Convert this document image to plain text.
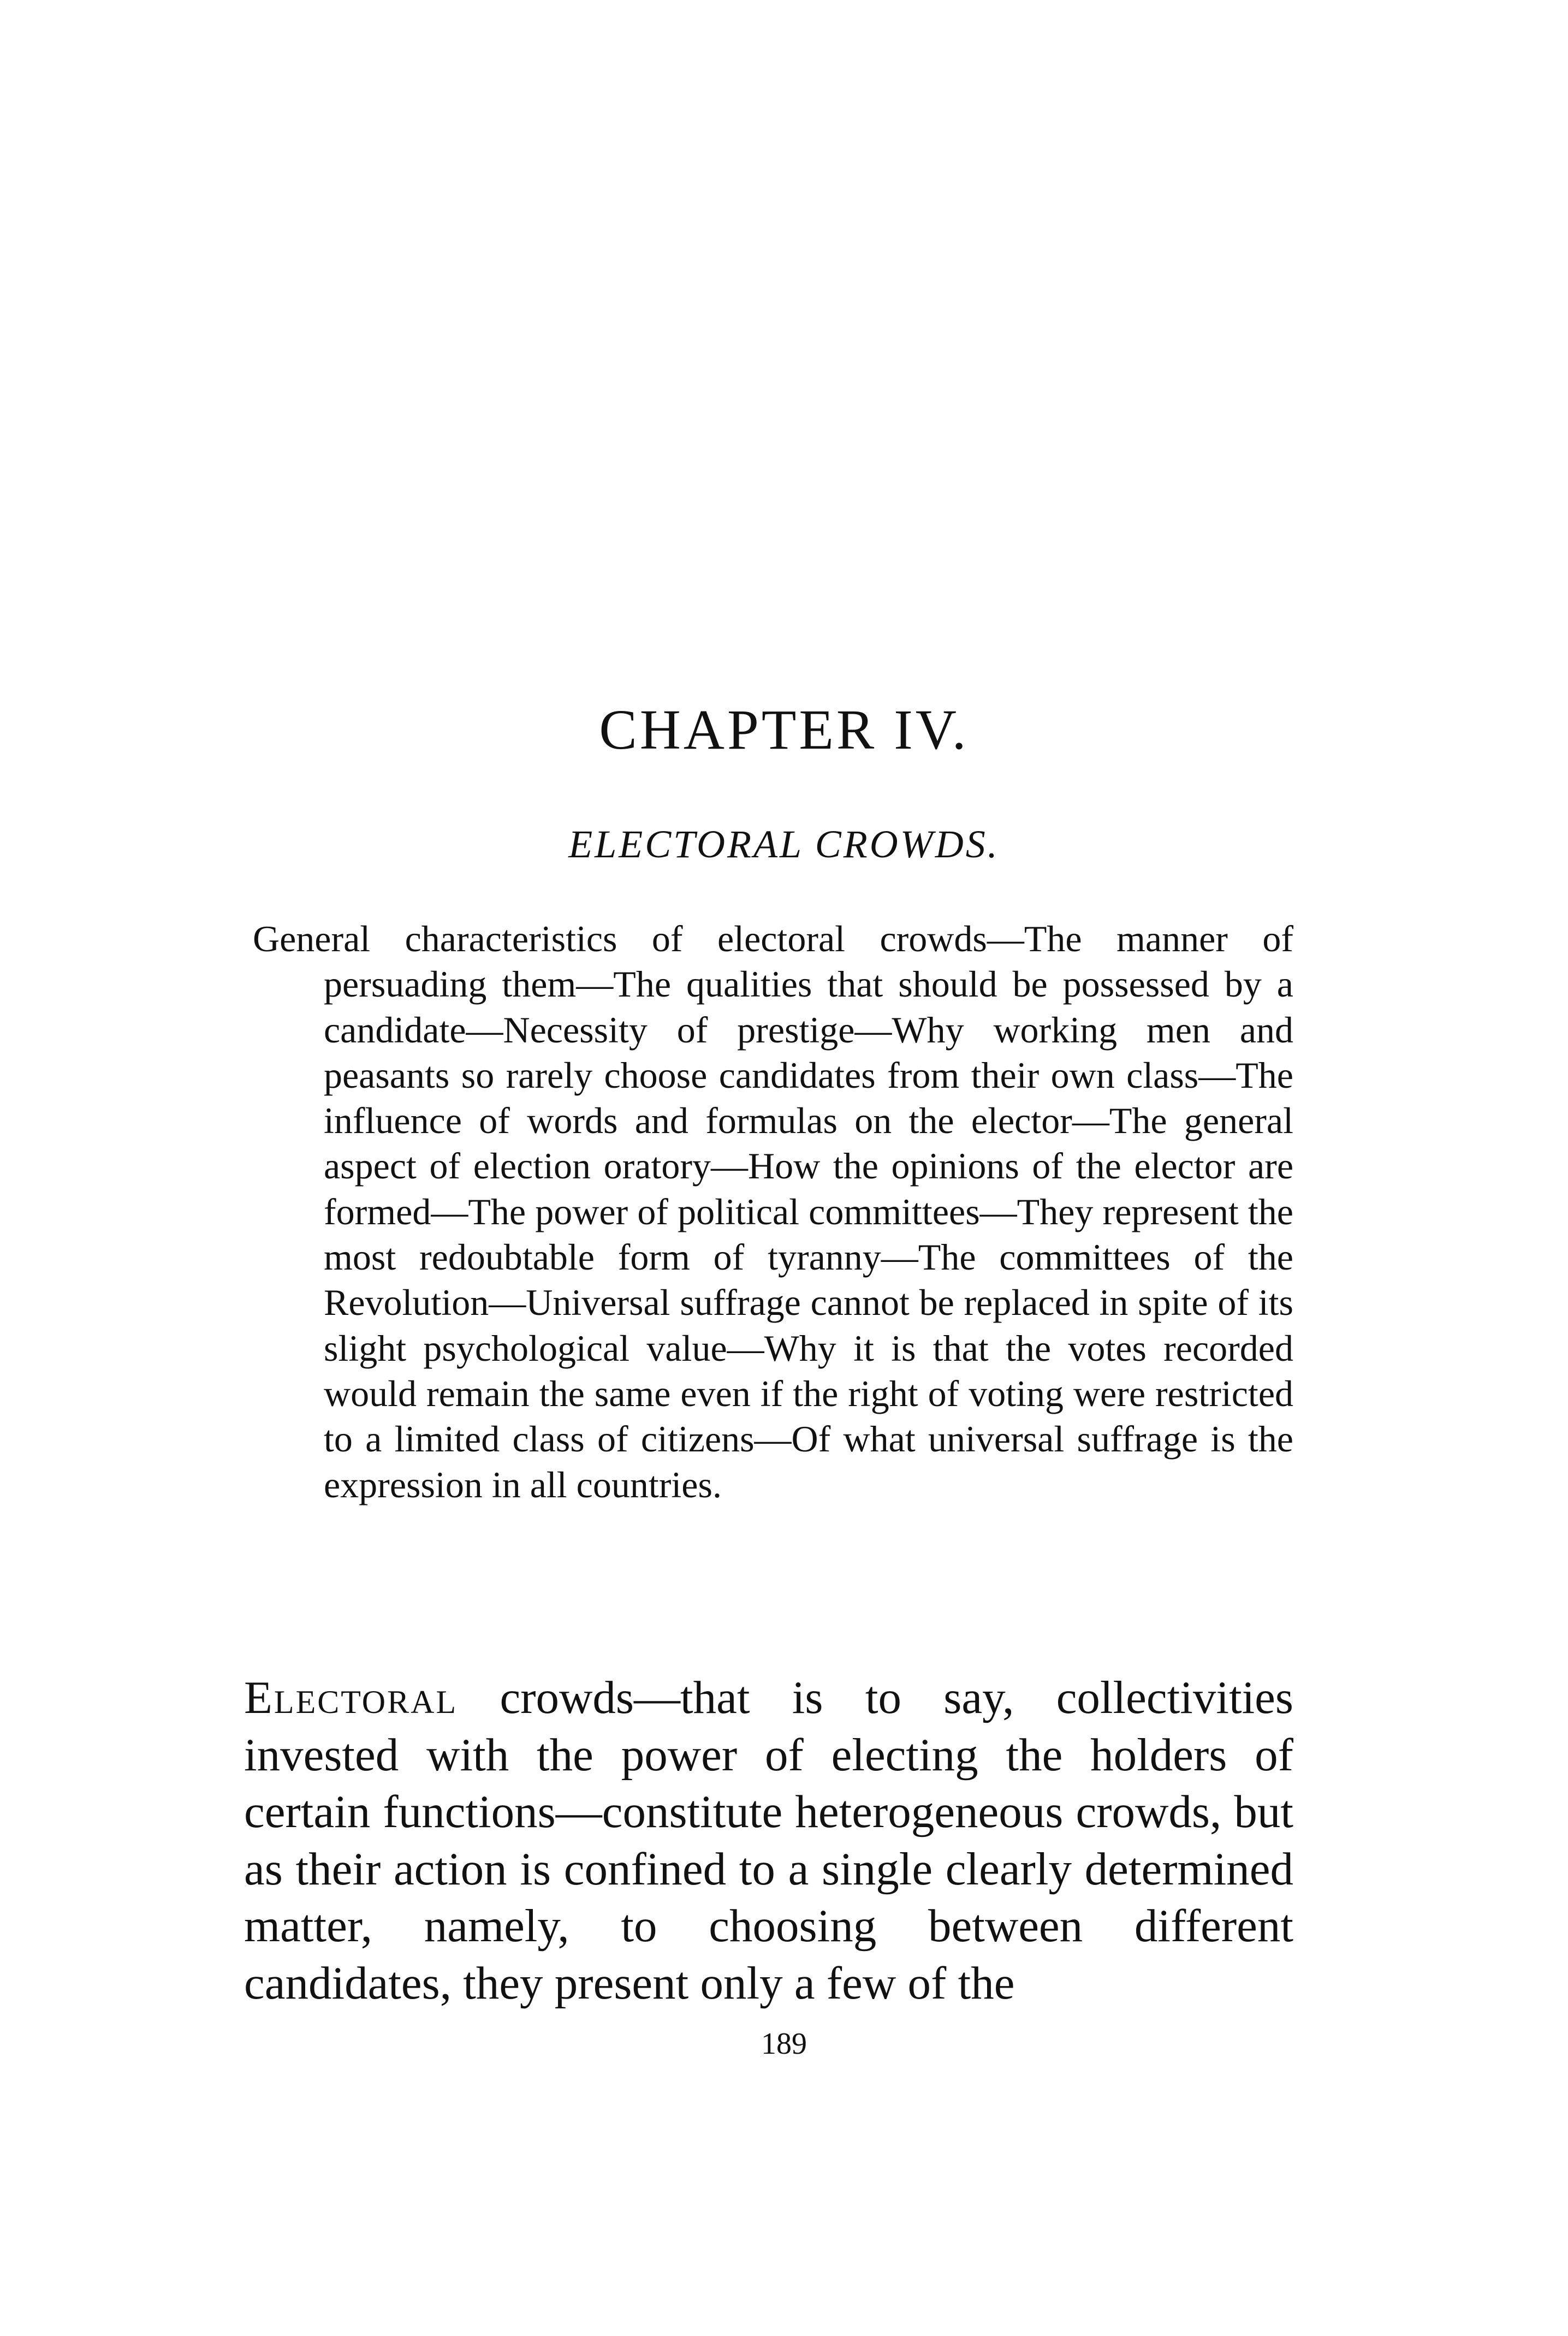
CHAPTER IV.
ELECTORAL CROWDS.

General characteristics of electoral crowds—The manner of persuading them—The qualities that should be possessed by a candidate—Necessity of prestige—Why working men and peasants so rarely choose candidates from their own class—The influence of words and formulas on the elector—The general aspect of election oratory—How the opinions of the elector are formed—The power of political committees—They represent the most redoubtable form of tyranny—The committees of the Revolution—Universal suffrage cannot be replaced in spite of its slight psychological value—Why it is that the votes recorded would remain the same even if the right of voting were restricted to a limited class of citizens—Of what universal suffrage is the expression in all countries.

Electoral crowds—that is to say, collectivities invested with the power of electing the holders of certain functions—constitute heterogeneous crowds, but as their action is confined to a single clearly determined matter, namely, to choosing between different candidates, they present only a few of the

189
